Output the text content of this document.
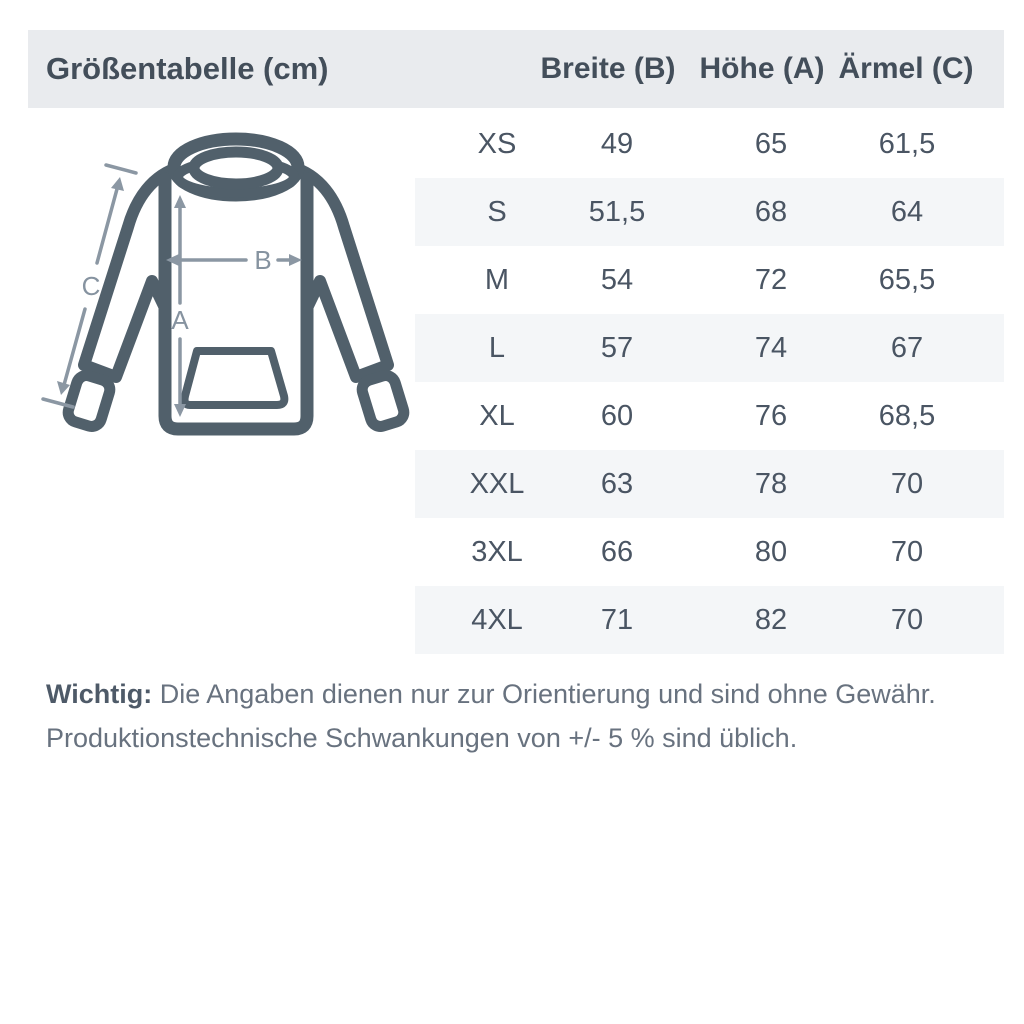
Größentabelle (cm)	Breite (B) Höhe (A) Ärmel (C)
XS	49	65	61,5
S	51,5	68	64
M	54	72	65,5
L	57	74	67
XL	60	76	68,5
XXL	63	78	70
3XL	66	80	70
4XL	71	82	70
A
B
C
Wichtig: Die Angaben dienen nur zur Orientierung und sind ohne Gewähr.
Produktionstechnische Schwankungen von +/- 5 % sind üblich.
